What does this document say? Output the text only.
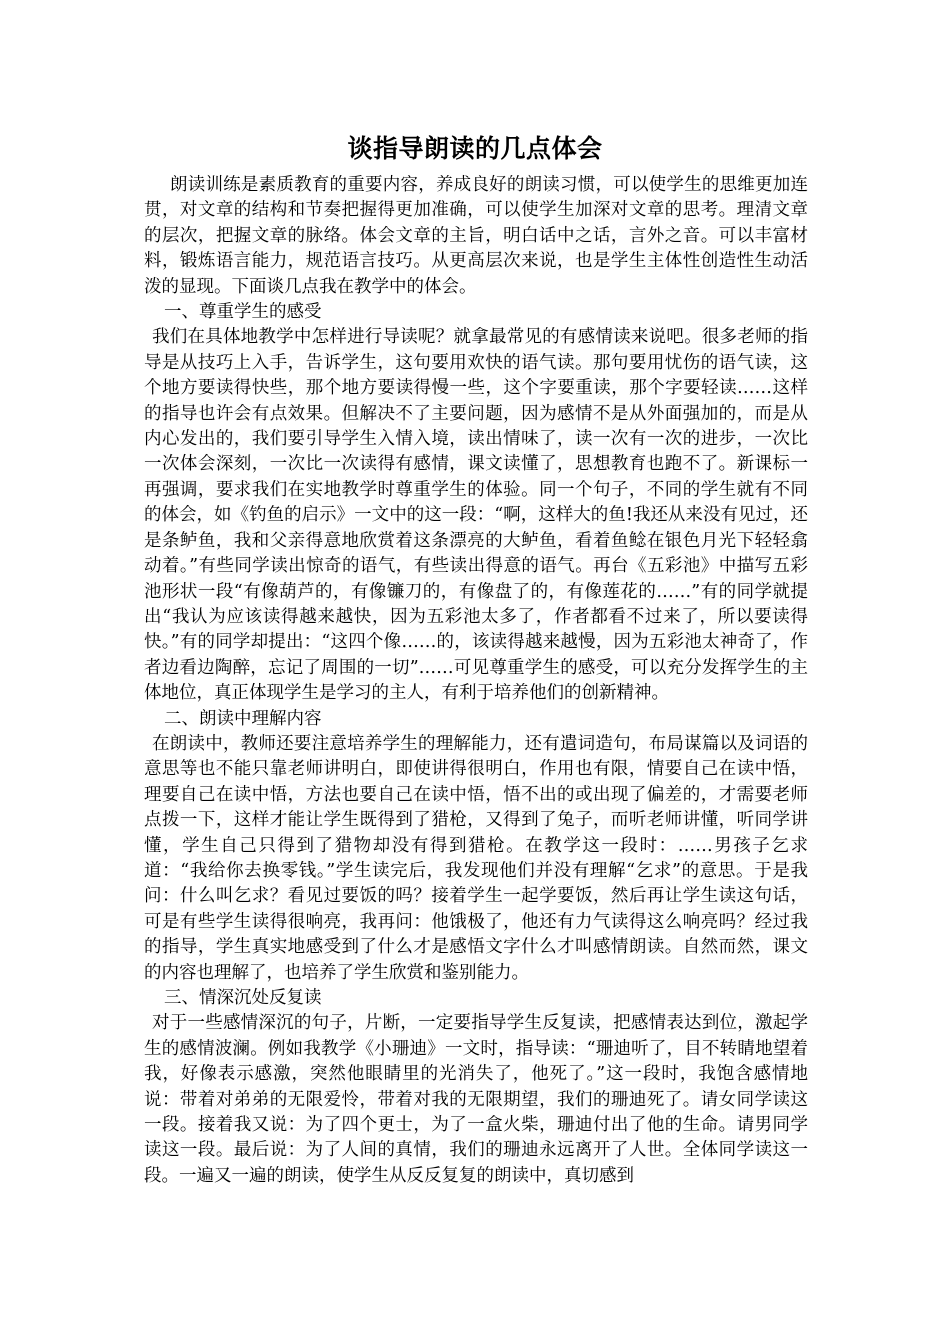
谈指导朗读的几点体会

朗读训练是素质教育的重要内容，养成良好的朗读习惯，可以使学生的思维更加连贯，对文章的结构和节奏把握得更加准确，可以使学生加深对文章的思考。理清文章的层次，把握文章的脉络。体会文章的主旨，明白话中之话，言外之音。可以丰富材料，锻炼语言能力，规范语言技巧。从更高层次来说，也是学生主体性创造性生动活泼的显现。下面谈几点我在教学中的体会。

一、尊重学生的感受

我们在具体地教学中怎样进行导读呢？就拿最常见的有感情读来说吧。很多老师的指导是从技巧上入手，告诉学生，这句要用欢快的语气读。那句要用忧伤的语气读，这个地方要读得快些，那个地方要读得慢一些，这个字要重读，那个字要轻读……这样的指导也许会有点效果。但解决不了主要问题，因为感情不是从外面强加的，而是从内心发出的，我们要引导学生入情入境，读出情味了，读一次有一次的进步，一次比一次体会深刻，一次比一次读得有感情，课文读懂了，思想教育也跑不了。新课标一再强调，要求我们在实地教学时尊重学生的体验。同一个句子，不同的学生就有不同的体会，如《钓鱼的启示》一文中的这一段：“啊，这样大的鱼!我还从来没有见过，还是条鲈鱼，我和父亲得意地欣赏着这条漂亮的大鲈鱼，看着鱼鲶在银色月光下轻轻翕动着。”有些同学读出惊奇的语气，有些读出得意的语气。再台《五彩池》中描写五彩池形状一段“有像葫芦的，有像镰刀的，有像盘了的，有像莲花的……”有的同学就提出“我认为应该读得越来越快，因为五彩池太多了，作者都看不过来了，所以要读得快。”有的同学却提出：“这四个像……的，该读得越来越慢，因为五彩池太神奇了，作者边看边陶醉，忘记了周围的一切”……可见尊重学生的感受，可以充分发挥学生的主体地位，真正体现学生是学习的主人，有利于培养他们的创新精神。

二、朗读中理解内容

在朗读中，教师还要注意培养学生的理解能力，还有遣词造句，布局谋篇以及词语的意思等也不能只靠老师讲明白，即使讲得很明白，作用也有限，情要自己在读中悟，理要自己在读中悟，方法也要自己在读中悟，悟不出的或出现了偏差的，才需要老师点拨一下，这样才能让学生既得到了猎枪，又得到了兔子，而听老师讲懂，听同学讲懂，学生自己只得到了猎物却没有得到猎枪。在教学这一段时：……男孩子乞求道：“我给你去换零钱。”学生读完后，我发现他们并没有理解“乞求”的意思。于是我问：什么叫乞求？看见过要饭的吗？接着学生一起学要饭，然后再让学生读这句话，可是有些学生读得很响亮，我再问：他饿极了，他还有力气读得这么响亮吗？经过我的指导，学生真实地感受到了什么才是感悟文字什么才叫感情朗读。自然而然，课文的内容也理解了，也培养了学生欣赏和鉴别能力。

三、情深沉处反复读

对于一些感情深沉的句子，片断，一定要指导学生反复读，把感情表达到位，激起学生的感情波澜。例如我教学《小珊迪》一文时，指导读：“珊迪听了，目不转睛地望着我，好像表示感激，突然他眼睛里的光消失了，他死了。”这一段时，我饱含感情地说：带着对弟弟的无限爱怜，带着对我的无限期望，我们的珊迪死了。请女同学读这一段。接着我又说：为了四个更士，为了一盒火柴，珊迪付出了他的生命。请男同学读这一段。最后说：为了人间的真情，我们的珊迪永远离开了人世。全体同学读这一段。一遍又一遍的朗读，使学生从反反复复的朗读中，真切感到
